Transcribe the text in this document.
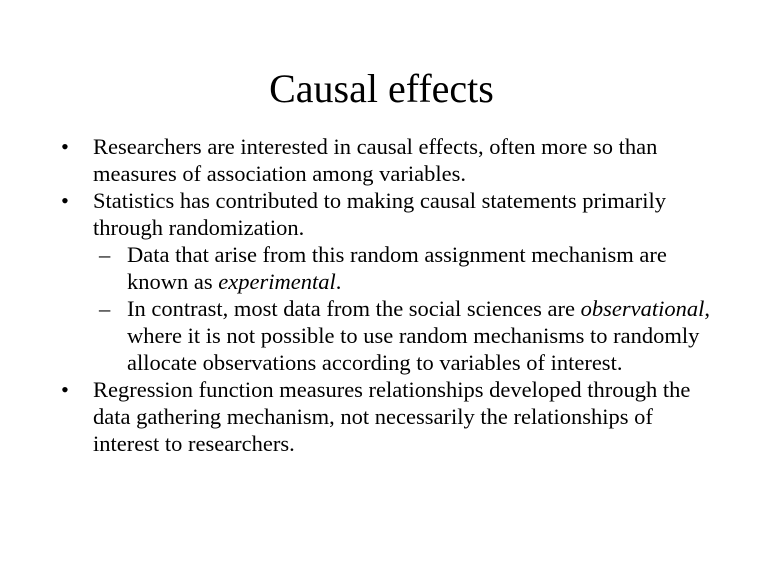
Causal effects
• Researchers are interested in causal effects, often more so than measures of association among variables.
• Statistics has contributed to making causal statements primarily through randomization.
– Data that arise from this random assignment mechanism are known as experimental.
– In contrast, most data from the social sciences are observational, where it is not possible to use random mechanisms to randomly allocate observations according to variables of interest.
• Regression function measures relationships developed through the data gathering mechanism, not necessarily the relationships of interest to researchers.
